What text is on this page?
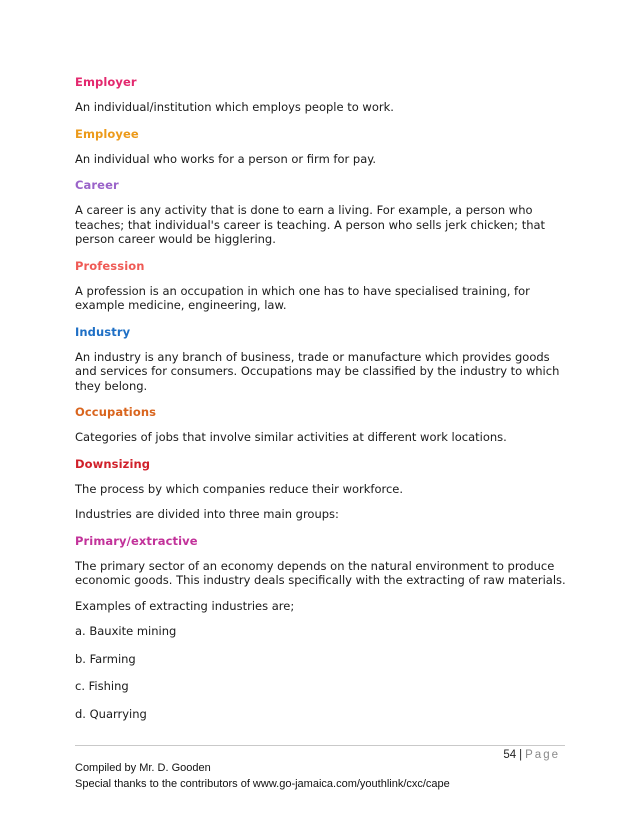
Employer
An individual/institution which employs people to work.
Employee
An individual who works for a person or firm for pay.
Career
A career is any activity that is done to earn a living. For example, a person who teaches; that individual's career is teaching. A person who sells jerk chicken; that person career would be higglering.
Profession
A profession is an occupation in which one has to have specialised training, for example medicine, engineering, law.
Industry
An industry is any branch of business, trade or manufacture which provides goods and services for consumers. Occupations may be classified by the industry to which they belong.
Occupations
Categories of jobs that involve similar activities at different work locations.
Downsizing
The process by which companies reduce their workforce.
Industries are divided into three main groups:
Primary/extractive
The primary sector of an economy depends on the natural environment to produce economic goods. This industry deals specifically with the extracting of raw materials.
Examples of extracting industries are;
a. Bauxite mining
b. Farming
c. Fishing
d. Quarrying
54 | Page
Compiled by Mr. D. Gooden
Special thanks to the contributors of www.go-jamaica.com/youthlink/cxc/cape
